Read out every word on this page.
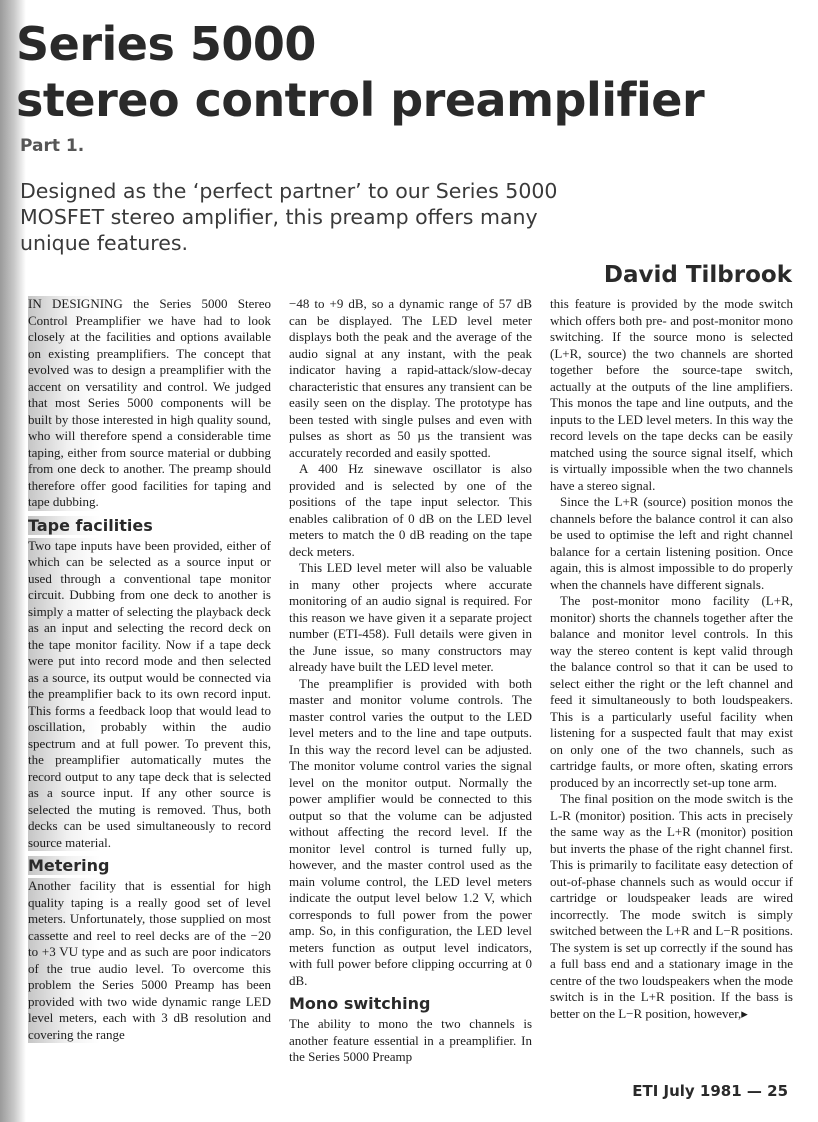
Series 5000
stereo control preamplifier
Part 1.
Designed as the ‘perfect partner’ to our Series 5000 MOSFET stereo amplifier, this preamp offers many unique features.
David Tilbrook

IN DESIGNING the Series 5000 Stereo Control Preamplifier we have had to look closely at the facilities and options available on existing preamplifiers. The concept that evolved was to design a preamplifier with the accent on versatility and control. We judged that most Series 5000 components will be built by those interested in high quality sound, who will therefore spend a considerable time taping, either from source material or dubbing from one deck to another. The preamp should therefore offer good facilities for taping and tape dubbing.

Tape facilities

Two tape inputs have been provided, either of which can be selected as a source input or used through a conventional tape monitor circuit. Dubbing from one deck to another is simply a matter of selecting the playback deck as an input and selecting the record deck on the tape monitor facility. Now if a tape deck were put into record mode and then selected as a source, its output would be connected via the preamplifier back to its own record input. This forms a feedback loop that would lead to oscillation, probably within the audio spectrum and at full power. To prevent this, the preamplifier automatically mutes the record output to any tape deck that is selected as a source input. If any other source is selected the muting is removed. Thus, both decks can be used simultaneously to record source material.

Metering

Another facility that is essential for high quality taping is a really good set of level meters. Unfortunately, those supplied on most cassette and reel to reel decks are of the −20 to +3 VU type and as such are poor indicators of the true audio level. To overcome this problem the Series 5000 Preamp has been provided with two wide dynamic range LED level meters, each with 3 dB resolution and covering the range

−48 to +9 dB, so a dynamic range of 57 dB can be displayed. The LED level meter displays both the peak and the average of the audio signal at any instant, with the peak indicator having a rapid-attack/slow-decay characteristic that ensures any transient can be easily seen on the display. The prototype has been tested with single pulses and even with pulses as short as 50 µs the transient was accurately recorded and easily spotted.

A 400 Hz sinewave oscillator is also provided and is selected by one of the positions of the tape input selector. This enables calibration of 0 dB on the LED level meters to match the 0 dB reading on the tape deck meters.

This LED level meter will also be valuable in many other projects where accurate monitoring of an audio signal is required. For this reason we have given it a separate project number (ETI-458). Full details were given in the June issue, so many constructors may already have built the LED level meter.

The preamplifier is provided with both master and monitor volume controls. The master control varies the output to the LED level meters and to the line and tape outputs. In this way the record level can be adjusted. The monitor volume control varies the signal level on the monitor output. Normally the power amplifier would be connected to this output so that the volume can be adjusted without affecting the record level. If the monitor level control is turned fully up, however, and the master control used as the main volume control, the LED level meters indicate the output level below 1.2 V, which corresponds to full power from the power amp. So, in this configuration, the LED level meters function as output level indicators, with full power before clipping occurring at 0 dB.

Mono switching

The ability to mono the two channels is another feature essential in a preamplifier. In the Series 5000 Preamp

this feature is provided by the mode switch which offers both pre- and post-monitor mono switching. If the source mono is selected (L+R, source) the two channels are shorted together before the source-tape switch, actually at the outputs of the line amplifiers. This monos the tape and line outputs, and the inputs to the LED level meters. In this way the record levels on the tape decks can be easily matched using the source signal itself, which is virtually impossible when the two channels have a stereo signal.

Since the L+R (source) position monos the channels before the balance control it can also be used to optimise the left and right channel balance for a certain listening position. Once again, this is almost impossible to do properly when the channels have different signals.

The post-monitor mono facility (L+R, monitor) shorts the channels together after the balance and monitor level controls. In this way the stereo content is kept valid through the balance control so that it can be used to select either the right or the left channel and feed it simultaneously to both loudspeakers. This is a particularly useful facility when listening for a suspected fault that may exist on only one of the two channels, such as cartridge faults, or more often, skating errors produced by an incorrectly set-up tone arm.

The final position on the mode switch is the L-R (monitor) position. This acts in precisely the same way as the L+R (monitor) position but inverts the phase of the right channel first. This is primarily to facilitate easy detection of out-of-phase channels such as would occur if cartridge or loudspeaker leads are wired incorrectly. The mode switch is simply switched between the L+R and L−R positions. The system is set up correctly if the sound has a full bass end and a stationary image in the centre of the two loudspeakers when the mode switch is in the L+R position. If the bass is better on the L−R position, however,▸

ETI July 1981 — 25
